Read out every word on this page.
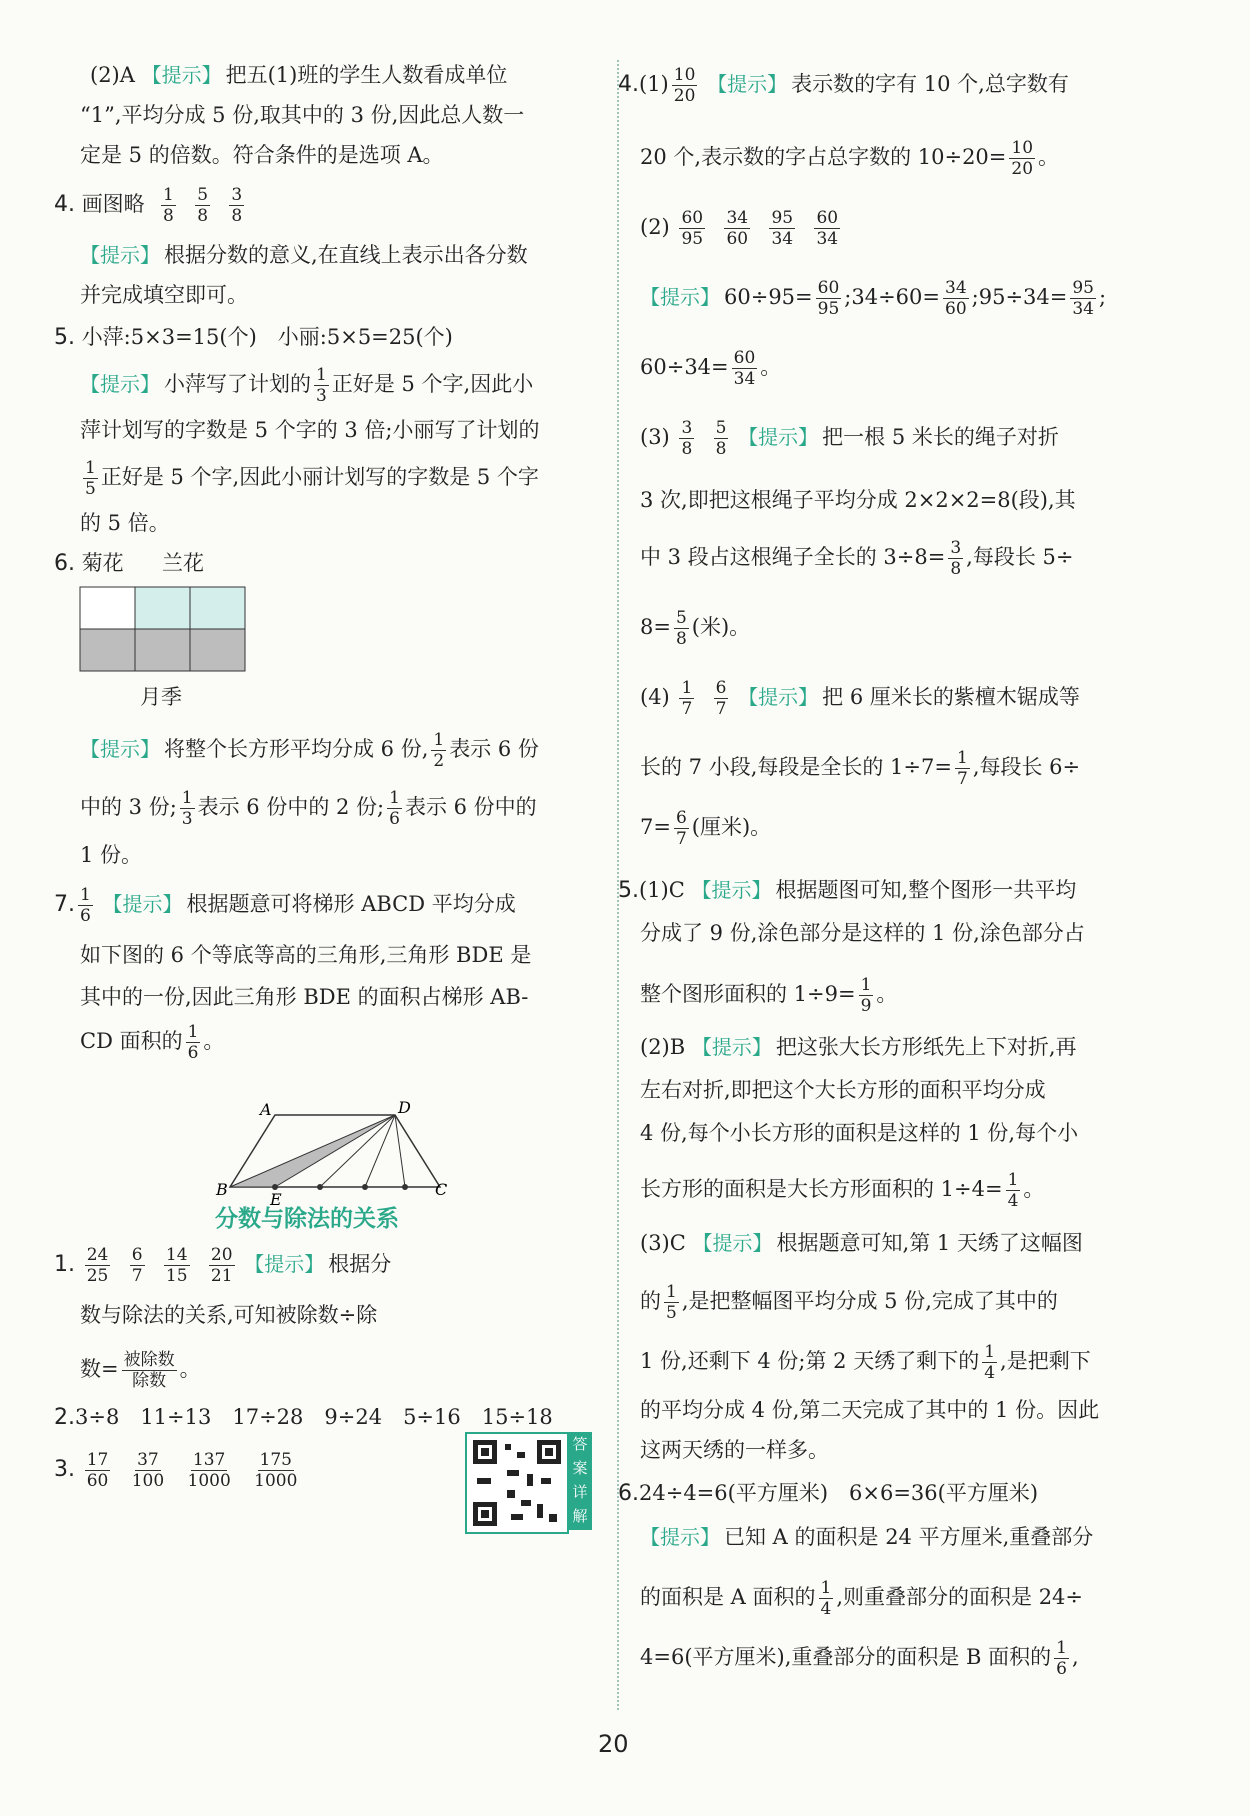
(2)A 【提示】 把五(1)班的学生人数看成单位
“1”,平均分成 5 份,取其中的 3 份,因此总人数一
定是 5 的倍数。符合条件的是选项 A。
4. 画图略 $\frac{1}{8}$
$\frac{5}{8}$
$\frac{3}{8}$
【提示】 根据分数的意义,在直线上表示出各分数
并完成填空即可。
5. 小萍:5×3=15(个)　小丽:5×5=25(个)
【提示】 小萍写了计划的 $\frac{1}{3}$ 正好是 5 个字,因此小
萍计划写的字数是 5 个字的 3 倍;小丽写了计划的
$\frac{1}{5}$ 正好是 5 个字,因此小丽计划写的字数是 5 个字
的 5 倍。
6. 菊花 兰花
月季
【提示】 将整个长方形平均分成 6 份, $\frac{1}{2}$ 表示 6 份
中的 3 份; $\frac{1}{3}$ 表示 6 份中的 2 份; $\frac{1}{6}$ 表示 6 份中的
1 份。
7. $\frac{1}{6}$ 【提示】 根据题意可将梯形 ABCD 平均分成
如下图的 6 个等底等高的三角形,三角形 BDE 是
其中的一份,因此三角形 BDE 的面积占梯形 AB-
CD 面积的 $\frac{1}{6}$ 。
A	D
B	C
E
分数与除法的关系
1. $\frac{24}{25}$
$\frac{6}{7}$
$\frac{14}{15}$
$\frac{20}{21}$ 【提示】 根据分
数与除法的关系,可知被除数÷除
数= $\frac{\text{被除数}}{\text{除数}}$ 。
2.3÷8　11÷13　17÷28　9÷24　5÷16　15÷18
3. $\frac{17}{60}$
$\frac{37}{100}$
$\frac{137}{1000}$
$\frac{175}{1000}$
答案详解
$4.(1) \frac{10}{20}$ 【提示】 表示数的字有 10 个,总字数有
20 个,表示数的字占总字数的 $10\div 20= \frac{10}{20}$ 。
$(2) \frac{60}{95}$
$\frac{34}{60}$
$\frac{95}{34}$
$\frac{60}{34}$
【提示】 $60\div 95= \frac{60}{95}$ ;34÷60= $\frac{34}{60}$ ;95÷34= $\frac{95}{34}$ ;
$60\div 34= \frac{60}{34}$ 。
$(3) \frac{3}{8}$
$\frac{5}{8}$ 【提示】 把一根 5 米长的绳子对折
3 次,即把这根绳子平均分成 2×2×2=8(段),其
中 3 段占这根绳子全长的 $3\div 8= \frac{3}{8}$ ,每段长 5÷
$8= \frac{5}{8}$ (米)。
$(4) \frac{1}{7}$
$\frac{6}{7}$ 【提示】 把 6 厘米长的紫檀木锯成等
长的 7 小段,每段是全长的 $1\div 7= \frac{1}{7}$ ,每段长 6÷
$7= \frac{6}{7}$ (厘米)。
5.(1)C 【提示】 根据题图可知,整个图形一共平均
分成了 9 份,涂色部分是这样的 1 份,涂色部分占
整个图形面积的 $1\div 9= \frac{1}{9}$ 。
(2)B 【提示】 把这张大长方形纸先上下对折,再
左右对折,即把这个大长方形的面积平均分成
4 份,每个小长方形的面积是这样的 1 份,每个小
长方形的面积是大长方形面积的 $1\div 4= \frac{1}{4}$ 。
(3)C 【提示】 根据题意可知,第 1 天绣了这幅图
的 $\frac{1}{5}$ ,是把整幅图平均分成 5 份,完成了其中的
1 份,还剩下 4 份;第 2 天绣了剩下的 $\frac{1}{4}$ ,是把剩下
的平均分成 4 份,第二天完成了其中的 1 份。因此
这两天绣的一样多。
6.24÷4=6(平方厘米)　6×6=36(平方厘米)
【提示】 已知 A 的面积是 24 平方厘米,重叠部分
的面积是 A 面积的 $\frac{1}{4}$ ,则重叠部分的面积是 24÷
4=6(平方厘米),重叠部分的面积是 B 面积的 $\frac{1}{6}$ ,
20
